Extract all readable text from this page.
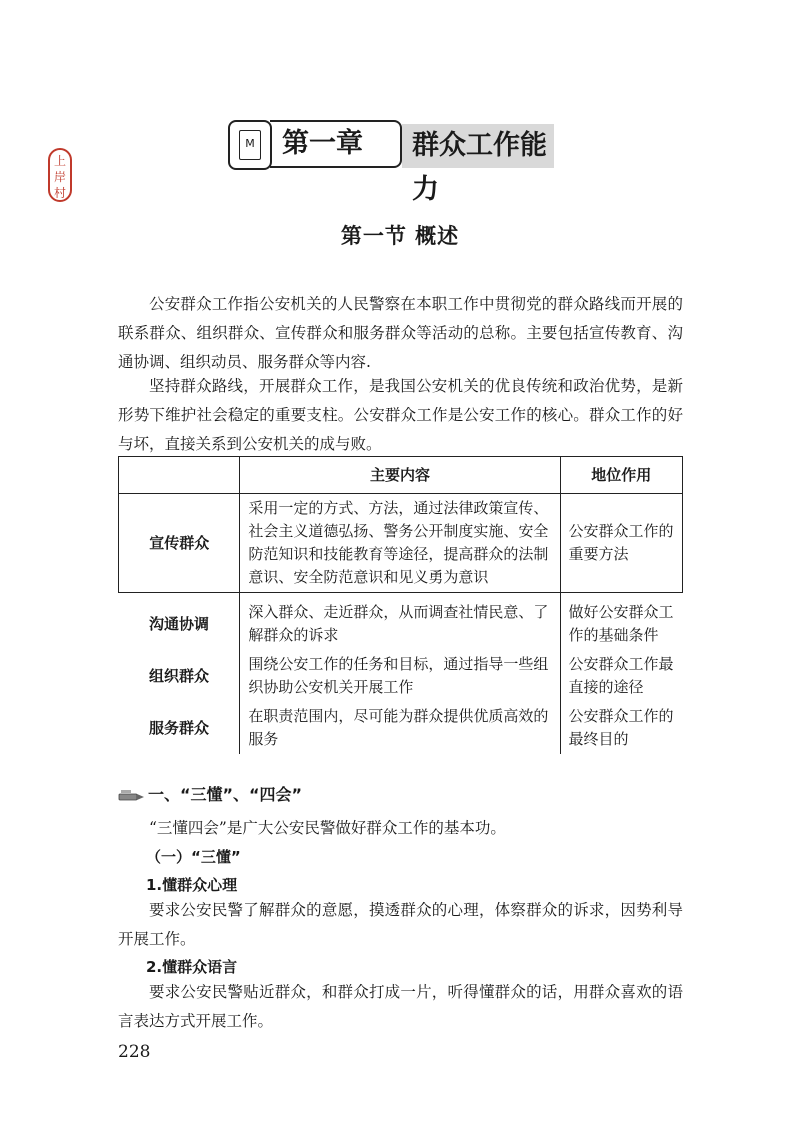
上
岸
村
M	第一章	群众工作能力
第一节 概述
公安群众工作指公安机关的人民警察在本职工作中贯彻党的群众路线而开展的联系群众、组织群众、宣传群众和服务群众等活动的总称。主要包括宣传教育、沟通协调、组织动员、服务群众等内容.
坚持群众路线，开展群众工作，是我国公安机关的优良传统和政治优势，是新形势下维护社会稳定的重要支柱。公安群众工作是公安工作的核心。群众工作的好与坏，直接关系到公安机关的成与败。
	主要内容	地位作用
宣传群众	采用一定的方式、方法，通过法律政策宣传、社会主义道德弘扬、警务公开制度实施、安全防范知识和技能教育等途径，提高群众的法制意识、安全防范意识和见义勇为意识	公安群众工作的重要方法
沟通协调	深入群众、走近群众，从而调查社情民意、了解群众的诉求	做好公安群众工作的基础条件
组织群众	围绕公安工作的任务和目标，通过指导一些组织协助公安机关开展工作	公安群众工作最直接的途径
服务群众	在职责范围内，尽可能为群众提供优质高效的服务	公安群众工作的最终目的
一、“三懂”、“四会”
“三懂四会”是广大公安民警做好群众工作的基本功。
（一）“三懂”
1.懂群众心理
要求公安民警了解群众的意愿，摸透群众的心理，体察群众的诉求，因势利导开展工作。
2.懂群众语言
要求公安民警贴近群众，和群众打成一片，听得懂群众的话，用群众喜欢的语言表达方式开展工作。
228
